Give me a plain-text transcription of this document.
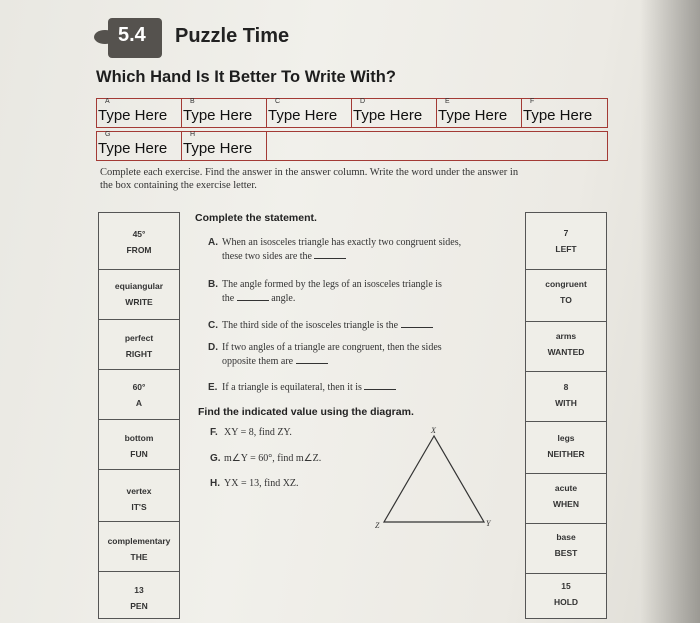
5.4 Puzzle Time
Which Hand Is It Better To Write With?
A
Type Here
B
Type Here
C
Type Here
D
Type Here
E
Type Here
F
Type Here
G
Type Here
H
Type Here
Complete each exercise. Find the answer in the answer column. Write the word under the answer in the box containing the exercise letter.
45°
FROM
equiangular
WRITE
perfect
RIGHT
60°
A
bottom
FUN
vertex
IT'S
complementary
THE
13
PEN
7
LEFT
congruent
TO
arms
WANTED
8
WITH
legs
NEITHER
acute
WHEN
base
BEST
15
HOLD
Complete the statement.
A. When an isosceles triangle has exactly two congruent sides,
these two sides are the
B. The angle formed by the legs of an isosceles triangle is
the	angle.
C. The third side of the isosceles triangle is the
D. If two angles of a triangle are congruent, then the sides
opposite them are
E. If a triangle is equilateral, then it is
Find the indicated value using the diagram.
F. XY = 8, find ZY.
G. m∠Y = 60°, find m∠Z.
H. YX = 13, find XZ.
X
Z	Y
